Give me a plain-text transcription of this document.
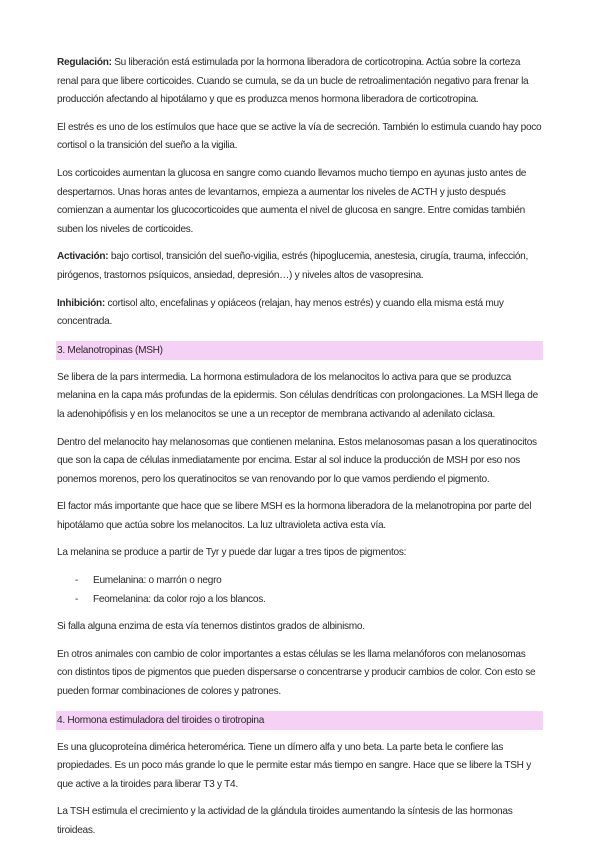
Regulación: Su liberación está estimulada por la hormona liberadora de corticotropina. Actúa sobre la corteza renal para que libere corticoides. Cuando se cumula, se da un bucle de retroalimentación negativo para frenar la producción afectando al hipotálamo y que es produzca menos hormona liberadora de corticotropina.

El estrés es uno de los estímulos que hace que se active la vía de secreción. También lo estimula cuando hay poco cortisol o la transición del sueño a la vigilia.

Los corticoides aumentan la glucosa en sangre como cuando llevamos mucho tiempo en ayunas justo antes de despertarnos. Unas horas antes de levantarnos, empieza a aumentar los niveles de ACTH y justo después comienzan a aumentar los glucocorticoides que aumenta el nivel de glucosa en sangre. Entre comidas también suben los niveles de corticoides.

Activación: bajo cortisol, transición del sueño-vigilia, estrés (hipoglucemia, anestesia, cirugía, trauma, infección, pirógenos, trastornos psíquicos, ansiedad, depresión…) y niveles altos de vasopresina.

Inhibición: cortisol alto, encefalinas y opiáceos (relajan, hay menos estrés) y cuando ella misma está muy concentrada.

3. Melanotropinas (MSH)

Se libera de la pars intermedia. La hormona estimuladora de los melanocitos lo activa para que se produzca melanina en la capa más profundas de la epidermis. Son células dendríticas con prolongaciones. La MSH llega de la adenohipófisis y en los melanocitos se une a un receptor de membrana activando al adenilato ciclasa.

Dentro del melanocito hay melanosomas que contienen melanina. Estos melanosomas pasan a los queratinocitos que son la capa de células inmediatamente por encima. Estar al sol induce la producción de MSH por eso nos ponemos morenos, pero los queratinocitos se van renovando por lo que vamos perdiendo el pigmento.

El factor más importante que hace que se libere MSH es la hormona liberadora de la melanotropina por parte del hipotálamo que actúa sobre los melanocitos. La luz ultravioleta activa esta vía.

La melanina se produce a partir de Tyr y puede dar lugar a tres tipos de pigmentos:

- Eumelanina: o marrón o negro
- Feomelanina: da color rojo a los blancos.

Si falla alguna enzima de esta vía tenemos distintos grados de albinismo.

En otros animales con cambio de color importantes a estas células se les llama melanóforos con melanosomas con distintos tipos de pigmentos que pueden dispersarse o concentrarse y producir cambios de color. Con esto se pueden formar combinaciones de colores y patrones.

4. Hormona estimuladora del tiroides o tirotropina

Es una glucoproteína dimérica heteromérica. Tiene un dímero alfa y uno beta. La parte beta le confiere las propiedades. Es un poco más grande lo que le permite estar más tiempo en sangre. Hace que se libere la TSH y que active a la tiroides para liberar T3 y T4.

La TSH estimula el crecimiento y la actividad de la glándula tiroides aumentando la síntesis de las hormonas tiroideas.
